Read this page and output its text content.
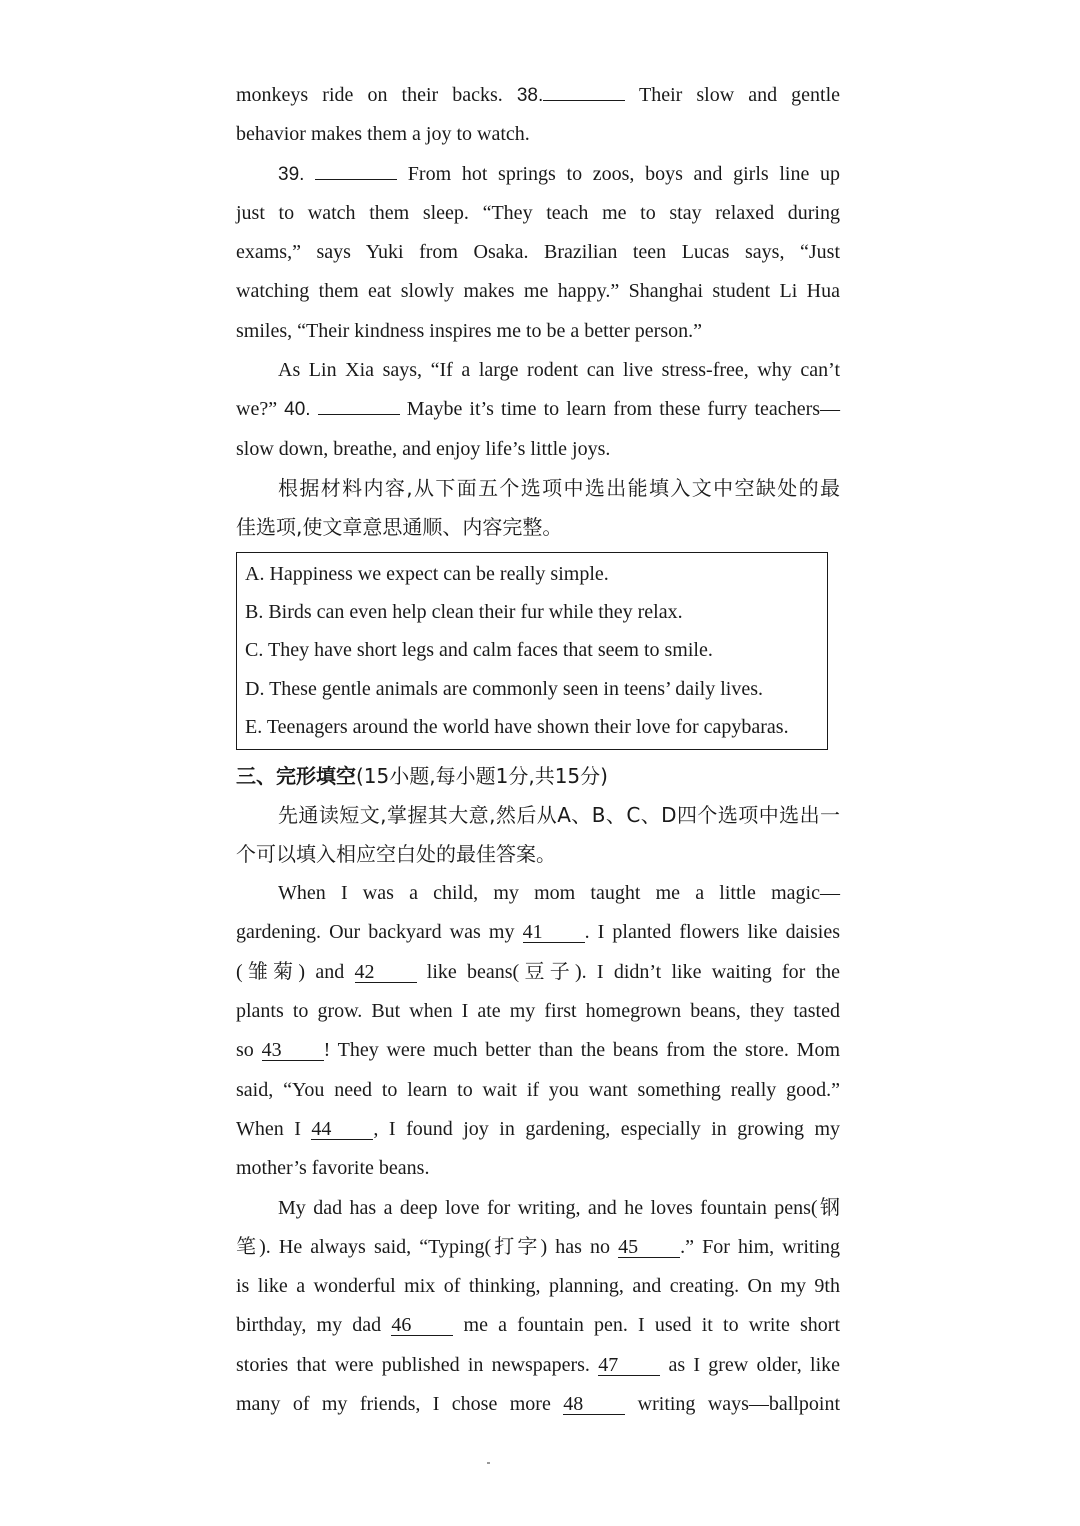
monkeys ride on their backs. 38.	Their slow and gentle

behavior makes them a joy to watch.

39.	From hot springs to zoos, boys and girls line up

just to watch them sleep. “They teach me to stay relaxed during

exams,” says Yuki from Osaka. Brazilian teen Lucas says, “Just

watching them eat slowly makes me happy.” Shanghai student Li Hua

smiles, “Their kindness inspires me to be a better person.”

As Lin Xia says, “If a large rodent can live stress-free, why can’t

we?” 40.	Maybe it’s time to learn from these furry teachers—

slow down, breathe, and enjoy life’s little joys.

根据材料内容,从下面五个选项中选出能填入文中空缺处的最

佳选项,使文章意思通顺、内容完整。

A. Happiness we expect can be really simple.

B. Birds can even help clean their fur while they relax.

C. They have short legs and calm faces that seem to smile.

D. These gentle animals are commonly seen in teens’ daily lives.

E. Teenagers around the world have shown their love for capybaras.

三、完形填空(15小题,每小题1分,共15分)

先通读短文,掌握其大意,然后从A、B、C、D四个选项中选出一

个可以填入相应空白处的最佳答案。

When I was a child, my mom taught me a little magic—

gardening. Our backyard was my 41 . I planted flowers like daisies

(雏菊) and 42	like beans(豆子). I didn’t like waiting for the

plants to grow. But when I ate my first homegrown beans, they tasted

so 43 ! They were much better than the beans from the store. Mom

said, “You need to learn to wait if you want something really good.”

When I 44 , I found joy in gardening, especially in growing my

mother’s favorite beans.

My dad has a deep love for writing, and he loves fountain pens(钢

笔). He always said, “Typing(打字) has no 45 .” For him, writing

is like a wonderful mix of thinking, planning, and creating. On my 9th

birthday, my dad 46	me a fountain pen. I used it to write short

stories that were published in newspapers. 47	as I grew older, like

many of my friends, I chose more 48	writing ways—ballpoint
